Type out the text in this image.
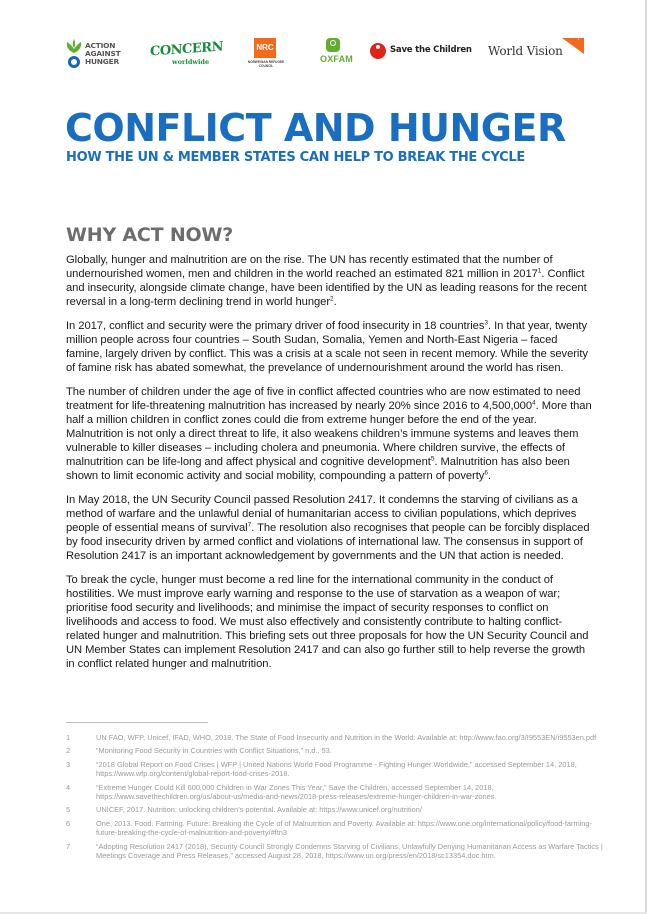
ACTION
AGAINST
HUNGER
CONCERN
worldwide
NRC
NORWEGIAN REFUGEE COUNCIL
OXFAM
Save the Children World Vision
+
CONFLICT AND HUNGER
HOW THE UN & MEMBER STATES CAN HELP TO BREAK THE CYCLE
WHY ACT NOW?

Globally, hunger and malnutrition are on the rise. The UN has recently estimated that the number of undernourished women, men and children in the world reached an estimated 821 million in 2017$^1$. Conflict and insecurity, alongside climate change, have been identified by the UN as leading reasons for the recent reversal in a long-term declining trend in world hunger$^2$.

In 2017, conflict and security were the primary driver of food insecurity in 18 countries$^3$. In that year, twenty million people across four countries – South Sudan, Somalia, Yemen and North-East Nigeria – faced famine, largely driven by conflict. This was a crisis at a scale not seen in recent memory. While the severity of famine risk has abated somewhat, the prevelance of undernourishment around the world has risen.

The number of children under the age of five in conflict affected countries who are now estimated to need treatment for life-threatening malnutrition has increased by nearly 20% since 2016 to 4,500,000$^4$. More than half a million children in conflict zones could die from extreme hunger before the end of the year. Malnutrition is not only a direct threat to life, it also weakens children’s immune systems and leaves them vulnerable to killer diseases – including cholera and pneumonia. Where children survive, the effects of malnutrition can be life-long and affect physical and cognitive development$^5$. Malnutrition has also been shown to limit economic activity and social mobility, compounding a pattern of poverty$^6$.

In May 2018, the UN Security Council passed Resolution 2417. It condemns the starving of civilians as a method of warfare and the unlawful denial of humanitarian access to civilian populations, which deprives people of essential means of survival$^7$. The resolution also recognises that people can be forcibly displaced by food insecurity driven by armed conflict and violations of international law. The consensus in support of Resolution 2417 is an important acknowledgement by governments and the UN that action is needed.

To break the cycle, hunger must become a red line for the international community in the conduct of hostilities. We must improve early warning and response to the use of starvation as a weapon of war; prioritise food security and livelihoods; and minimise the impact of security responses to conflict on livelihoods and access to food. We must also effectively and consistently contribute to halting conflict-related hunger and malnutrition. This briefing sets out three proposals for how the UN Security Council and UN Member States can implement Resolution 2417 and can also go further still to help reverse the growth in conflict related hunger and malnutrition.

1	UN FAO, WFP, Unicef, IFAD, WHO, 2018. The State of Food Insecurity and Nutrition in the World: Available at: http://www.fao.org/3/I9553EN/i9553en.pdf
2	“Monitoring Food Security in Countries with Conflict Situations,” n.d., 53.
3	“2018 Global Report on Food Crises | WFP | United Nations World Food Programme - Fighting Hunger Worldwide,” accessed September 14, 2018, https://www.wfp.org/content/global-report-food-crises-2018.
4	“Extreme Hunger Could Kill 600,000 Children in War Zones This Year,” Save the Children, accessed September 14, 2018, https://www.savethechildren.org/us/about-us/media-and-news/2018-press-releases/extreme-hunger-children-in-war-zones.
5	UNICEF, 2017. Nutrition: unlocking children’s potential. Available at: https://www.unicef.org/nutrition/
6	One, 2013. Food. Farming. Future: Breaking the Cycle of of Malnutrition and Poverty. Available at: https://www.one.org/international/policy/food-farming-future-breaking-the-cycle-of-malnutrition-and-poverty/#ftn3
7	“Adopting Resolution 2417 (2018), Security Council Strongly Condemns Starving of Civilians, Unlawfully Denying Humanitarian Access as Warfare Tactics | Meetings Coverage and Press Releases,” accessed August 28, 2018, https://www.un.org/press/en/2018/sc13354.doc.htm.
